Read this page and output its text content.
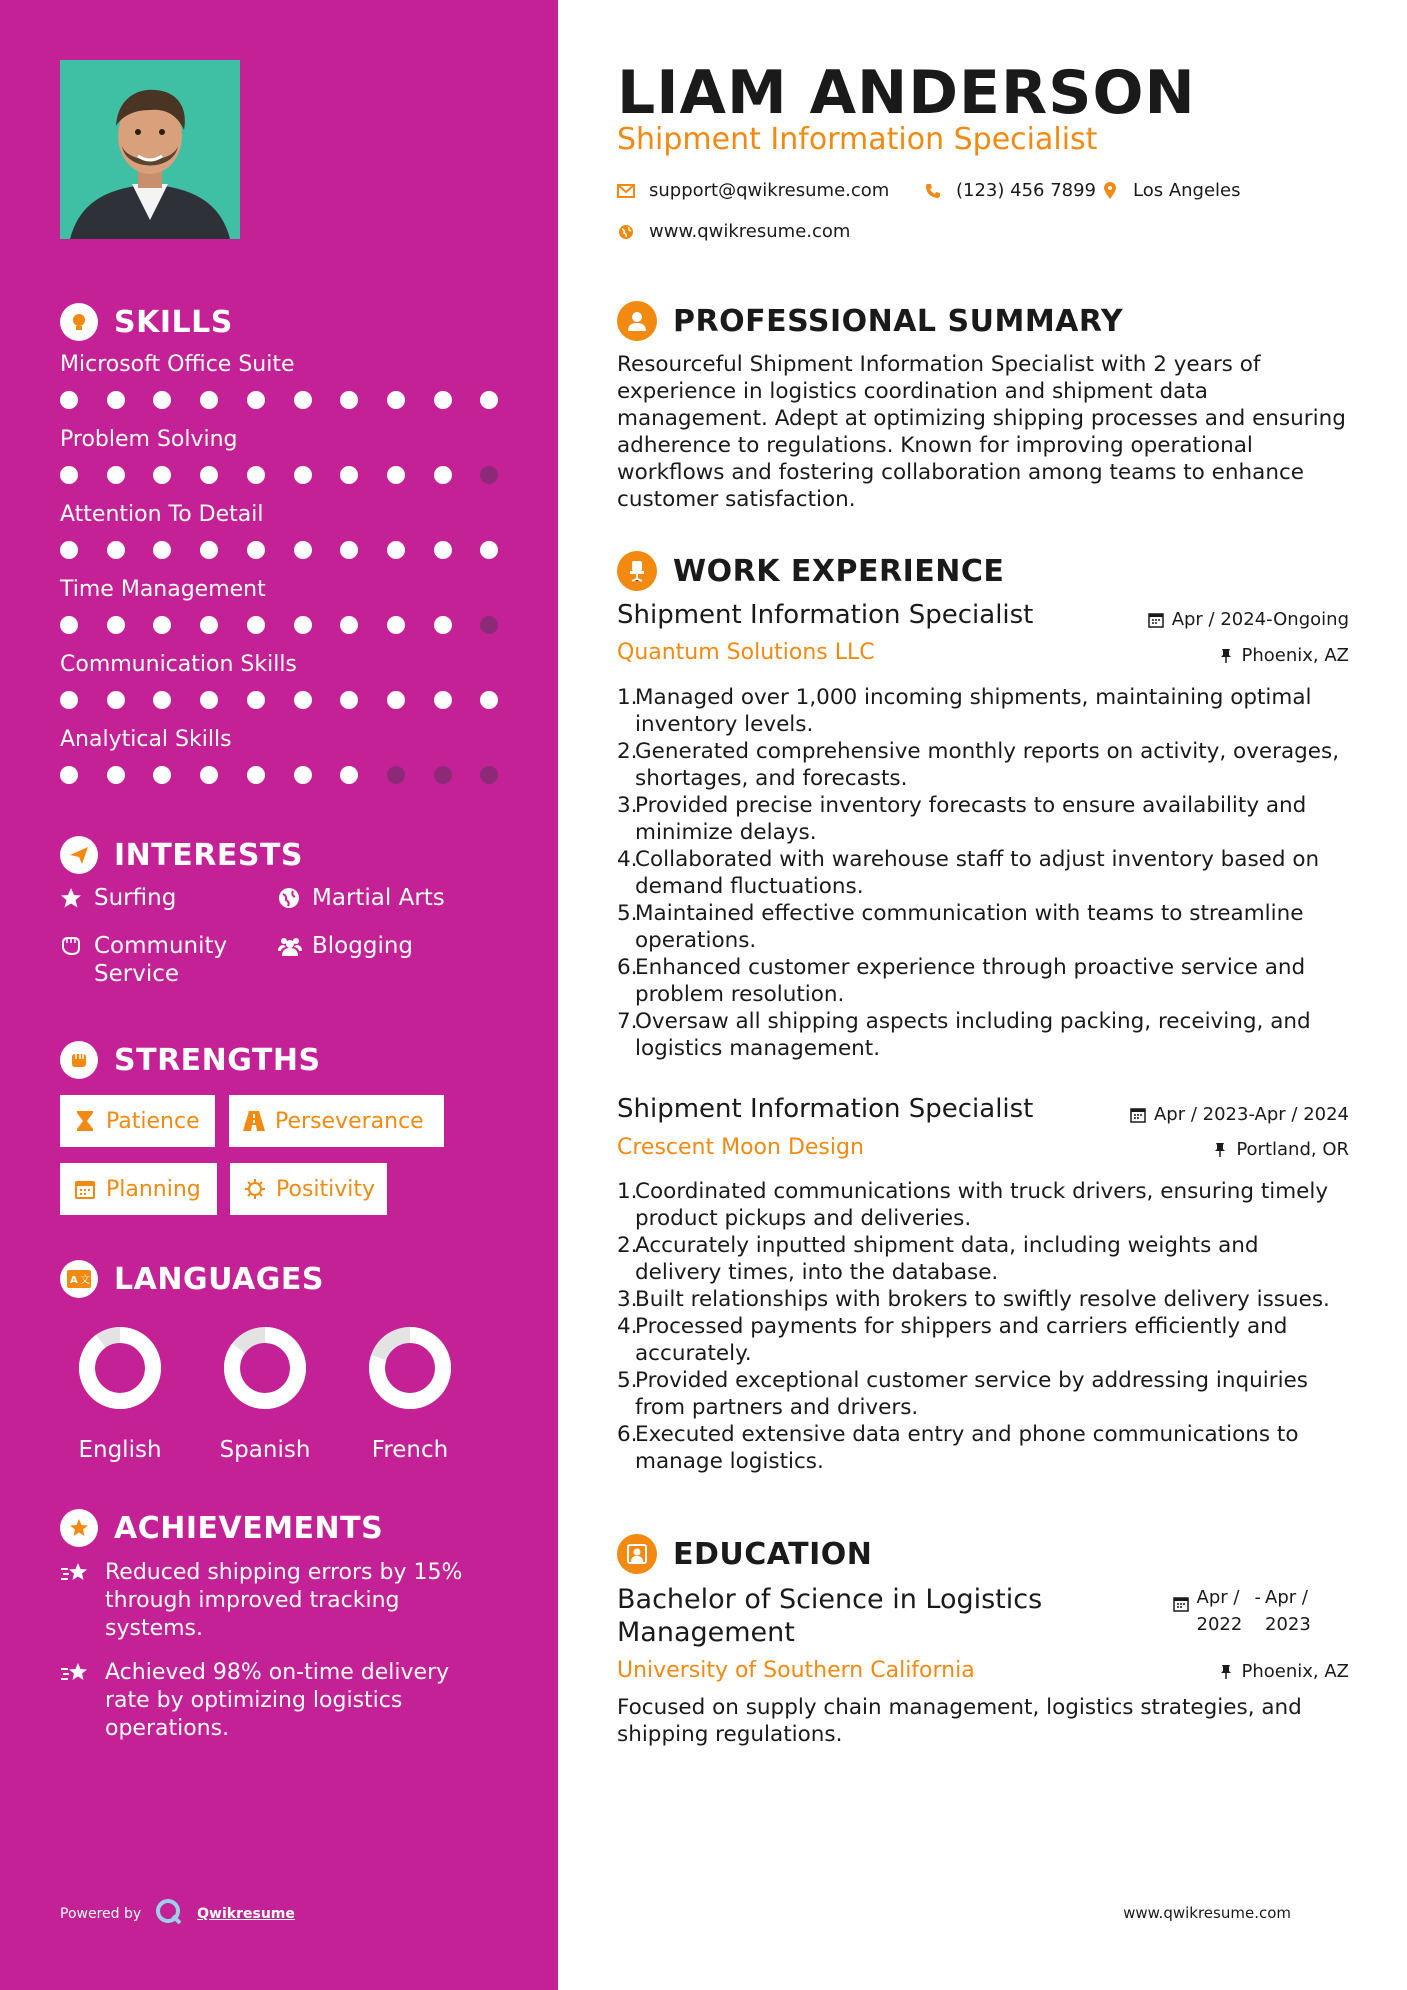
SKILLS
Microsoft Office Suite
Problem Solving
Attention To Detail
Time Management
Communication Skills
Analytical Skills
INTERESTS
Surfing	Martial Arts
Community Service
Blogging
STRENGTHS
Patience	Perseverance
Planning	Positivity
A 文 LANGUAGES
English	Spanish	French
ACHIEVEMENTS
Reduced shipping errors by 15% through improved tracking systems.
Achieved 98% on-time delivery rate by optimizing logistics operations.
Powered by	Qwikresume
LIAM ANDERSON
Shipment Information Specialist
support@qwikresume.com	(123) 456 7899 Los Angeles
www.qwikresume.com
PROFESSIONAL SUMMARY
Resourceful Shipment Information Specialist with 2 years of experience in logistics coordination and shipment data management. Adept at optimizing shipping processes and ensuring adherence to regulations. Known for improving operational workflows and fostering collaboration among teams to enhance customer satisfaction.
WORK EXPERIENCE
Shipment Information Specialist	Apr / 2024-Ongoing
Quantum Solutions LLC	Phoenix, AZ
1.
Managed over 1,000 incoming shipments, maintaining optimal inventory levels.
2.
Generated comprehensive monthly reports on activity, overages, shortages, and forecasts.
3.
Provided precise inventory forecasts to ensure availability and minimize delays.
4.
Collaborated with warehouse staff to adjust inventory based on demand fluctuations.
5.
Maintained effective communication with teams to streamline operations.
6.
Enhanced customer experience through proactive service and problem resolution.
7.
Oversaw all shipping aspects including packing, receiving, and logistics management.
Shipment Information Specialist	Apr / 2023-Apr / 2024
Crescent Moon Design	Portland, OR
1.
Coordinated communications with truck drivers, ensuring timely product pickups and deliveries.
2.
Accurately inputted shipment data, including weights and delivery times, into the database.
3.
Built relationships with brokers to swiftly resolve delivery issues.
4.
Processed payments for shippers and carriers efficiently and accurately.
5.
Provided exceptional customer service by addressing inquiries from partners and drivers.
6.
Executed extensive data entry and phone communications to manage logistics.
EDUCATION
Bachelor of Science in Logistics Management
Apr / 2022
- Apr / 2023
University of Southern California	Phoenix, AZ
Focused on supply chain management, logistics strategies, and shipping regulations.
www.qwikresume.com
